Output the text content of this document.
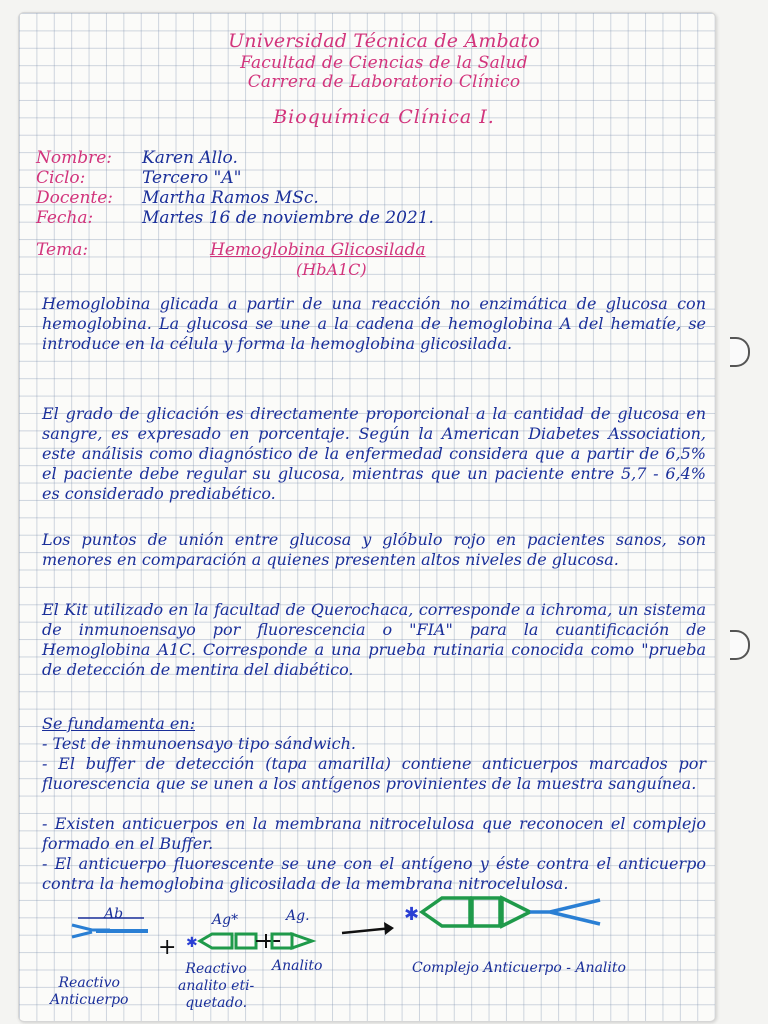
Universidad Técnica de Ambato
Facultad de Ciencias de la Salud
Carrera de Laboratorio Clínico
Bioquímica Clínica I.
Nombre: Karen Allo.
Ciclo:	Tercero "A"
Docente: Martha Ramos MSc.
Fecha:	Martes 16 de noviembre de 2021.
Tema:	Hemoglobina Glicosilada
(HbA1C)
Hemoglobina glicada a partir de una reacción no enzimática de glucosa con hemoglobina. La glucosa se une a la cadena de hemoglobina A del hematíe, se introduce en la célula y forma la hemoglobina glicosilada.
El grado de glicación es directamente proporcional a la cantidad de glucosa en sangre, es expresado en porcentaje. Según la American Diabetes Association, este análisis como diagnóstico de la enfermedad considera que a partir de 6,5% el paciente debe regular su glucosa, mientras que un paciente entre 5,7 - 6,4% es considerado prediabético.
Los puntos de unión entre glucosa y glóbulo rojo en pacientes sanos, son menores en comparación a quienes presenten altos niveles de glucosa.
El Kit utilizado en la facultad de Querochaca, corresponde a ichroma, un sistema de inmunoensayo por fluorescencia o "FIA" para la cuantificación de Hemoglobina A1C. Corresponde a una prueba rutinaria conocida como "prueba de detección de mentira del diabético.
Se fundamenta en:
- Test de inmunoensayo tipo sándwich.
- El buffer de detección (tapa amarilla) contiene anticuerpos marcados por fluorescencia que se unen a los antígenos provinientes de la muestra sanguínea.
- Existen anticuerpos en la membrana nitrocelulosa que reconocen el complejo formado en el Buffer.
- El anticuerpo fluorescente se une con el antígeno y éste contra el anticuerpo contra la hemoglobina glicosilada de la membrana nitrocelulosa.
+ ✱
✱
Ab	Ag*	Ag.
Reactivo
Anticuerpo
Reactivo
analito eti-
quetado.
Analito	Complejo Anticuerpo - Analito
